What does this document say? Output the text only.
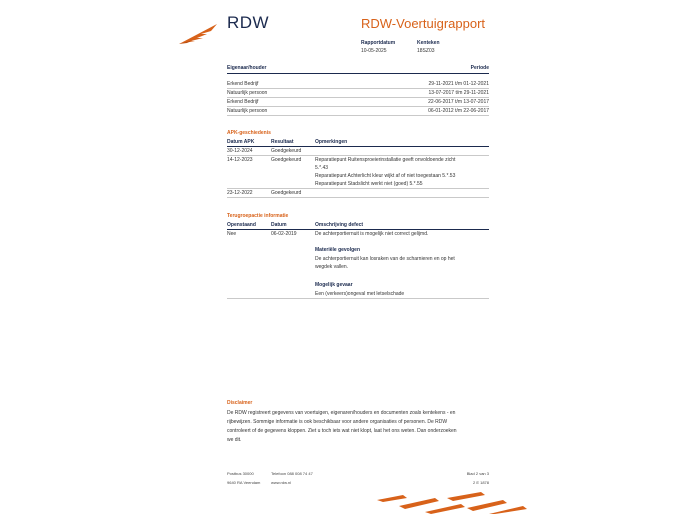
RDW	RDW-Voertuigrapport
Rapportdatum
10-05-2025
Kenteken
18SZ03
Eigenaar/houder	Periode
Erkend Bedrijf	29-11-2021 t/m 01-12-2021
Natuurlijk persoon	13-07-2017 t/m 29-11-2021
Erkend Bedrijf	22-06-2017 t/m 13-07-2017
Natuurlijk persoon	06-01-2012 t/m 22-06-2017
APK-geschiedenis
Datum APK	Resultaat	Opmerkingen
30-12-2024	Goedgekeurd
14-12-2023	Goedgekeurd	Reparatiepunt Ruitensproeierinstallatie geeft onvoldoende zicht
5.*.43
Reparatiepunt Achterlicht kleur wijkt af of niet toegestaan 5.*.53
Reparatiepunt Stadslicht werkt niet (goed) 5.*.55
23-12-2022	Goedgekeurd
Terugroepactie informatie
Openstaand	Datum	Omschrijving defect
Nee	06-02-2019	De achterportiernuit is mogelijk niet correct gelijmd.
Materiële gevolgen
De achterportiernuit kan losraken van de scharnieren en op het
wegdek vallen.
Mogelijk gevaar
Een (verkeers)ongeval met letselschade
Disclaimer
De RDW registreert gegevens van voertuigen, eigenaren/houders en documenten zoals kentekens - en
rijbewijzen. Sommige informatie is ook beschikbaar voor andere organisaties of personen. De RDW
controleert of de gegevens kloppen. Ziet u toch iets wat niet klopt, laat het ons weten. Dan onderzoeken
we dit.
Postbus 30000
9640 RA Veendam
Telefoon 088 008 74 47
www.rdw.nl
Blad 2 van 3
2 E 1878
